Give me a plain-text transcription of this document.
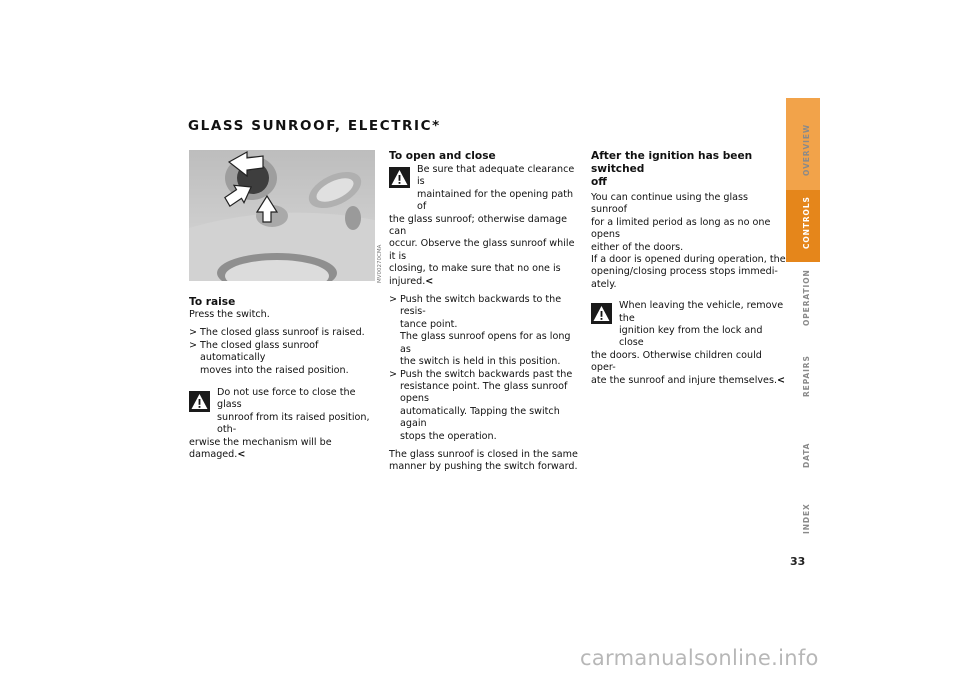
GLASS SUNROOF, ELECTRIC*
MV00270CMA

To raise

Press the switch.

> The closed glass sunroof is raised.

> The closed glass sunroof automatically

moves into the raised position.

Do not use force to close the glass

sunroof from its raised position, oth-

erwise the mechanism will be damaged.<

To open and close

Be sure that adequate clearance is

maintained for the opening path of

the glass sunroof; otherwise damage can

occur. Observe the glass sunroof while it is

closing, to make sure that no one is

injured.<

> Push the switch backwards to the resis-

tance point.

The glass sunroof opens for as long as

the switch is held in this position.

> Push the switch backwards past the

resistance point. The glass sunroof opens

automatically. Tapping the switch again

stops the operation.

The glass sunroof is closed in the same

manner by pushing the switch forward.

After the ignition has been switched
off

You can continue using the glass sunroof

for a limited period as long as no one opens

either of the doors.

If a door is opened during operation, the

opening/closing process stops immedi-

ately.

When leaving the vehicle, remove the

ignition key from the lock and close

the doors. Otherwise children could oper-

ate the sunroof and injure themselves.<

OVERVIEW
CONTROLS
OPERATION
REPAIRS
DATA
INDEX
33
carmanualsonline.info
